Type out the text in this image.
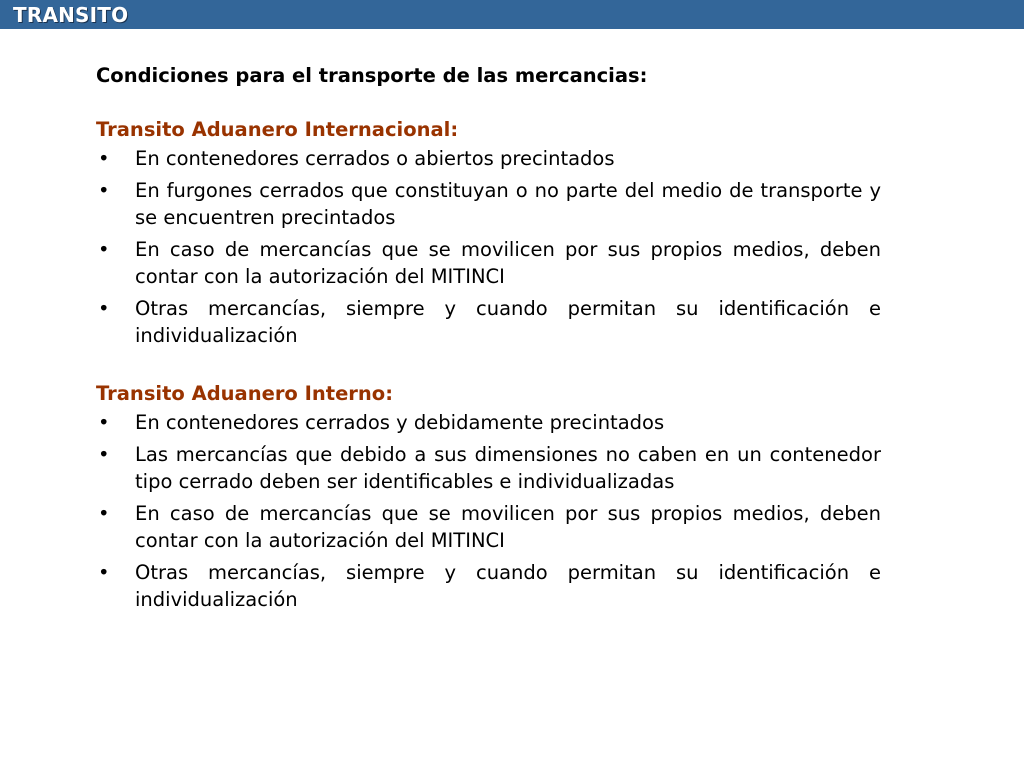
TRANSITO
Condiciones para el transporte de las mercancias:
Transito Aduanero Internacional:
•	En contenedores cerrados o abiertos precintados
•	En furgones cerrados que constituyan o no parte del medio de transporte y se encuentren precintados
•	En caso de mercancías que se movilicen por sus propios medios, deben contar con la autorización del MITINCI
•	Otras mercancías, siempre y cuando permitan su identificación e individualización
Transito Aduanero Interno:
•	En contenedores cerrados y debidamente precintados
•	Las mercancías que debido a sus dimensiones no caben en un contenedor tipo cerrado deben ser identificables e individualizadas
•	En caso de mercancías que se movilicen por sus propios medios, deben contar con la autorización del MITINCI
•	Otras mercancías, siempre y cuando permitan su identificación e individualización
